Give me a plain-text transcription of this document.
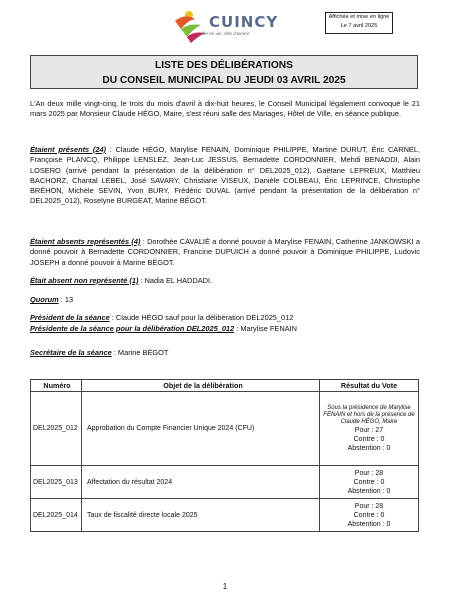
CUINCY
ville en vie, ville d'avenir
Affichée et mise en ligne
Le 7 avril 2025
LISTE DES DÉLIBÉRATIONS
DU CONSEIL MUNICIPAL DU JEUDI 03 AVRIL 2025

L'An deux mille vingt-cinq, le trois du mois d'avril à dix-huit heures, le Conseil Municipal légalement convoqué le 21 mars 2025 par Monsieur Claude HÉGO, Maire, s'est réuni salle des Mariages, Hôtel de Ville, en séance publique.

Étaient présents (24) : Claude HÉGO, Marylise FENAIN, Dominique PHILIPPE, Martine DURUT, Éric CARNEL, Françoise PLANCQ, Philippe LENSLEZ, Jean-Luc JESSUS, Bernadette CORDONNIER, Mehdi BENADDI, Alain LOSERO (arrivé pendant la présentation de la délibération n° DEL2025_012), Gaëtane LEPREUX, Matthieu BACHORZ, Chantal LEBEL, José SAVARY, Christiane VISEUX, Danièle COLBEAU, Éric LEPRINCE, Christophe BRÉHON, Michèle SEVIN, Yvon BURY, Frédéric DUVAL (arrivé pendant la présentation de la délibération n° DEL2025_012), Roselyne BURGEAT, Marine BÉGOT.

Étaient absents représentés (4) : Dorothée CAVALIÉ a donné pouvoir à Marylise FENAIN, Catherine JANKOWSKI a donné pouvoir à Bernadette CORDONNIER, Francine DUPUICH a donné pouvoir à Dominique PHILIPPE, Ludovic JOSEPH a donné pouvoir à Marine BÉGOT.

Était absent non représenté (1) : Nadia EL HADDADI.

Quorum : 13

Président de la séance : Claude HÉGO sauf pour la délibération DEL2025_012

Présidente de la séance pour la délibération DEL2025_012 : Marylise FENAIN

Secrétaire de la séance : Marine BÉGOT

Numéro	Objet de la délibération	Résultat du Vote
DEL2025_012	Approbation du Compte Financier Unique 2024 (CFU)	Sous la présidence de Marylise FENAIN et hors de la présence de Claude HÉGO, Maire
Pour : 27
Contre : 0
Abstention : 0

DEL2025_013	Affectation du résultat 2024	Pour : 28
Contre : 0
Abstention : 0

DEL2025_014	Taux de fiscalité directe locale 2025	Pour : 28
Contre : 0
Abstention : 0
1
